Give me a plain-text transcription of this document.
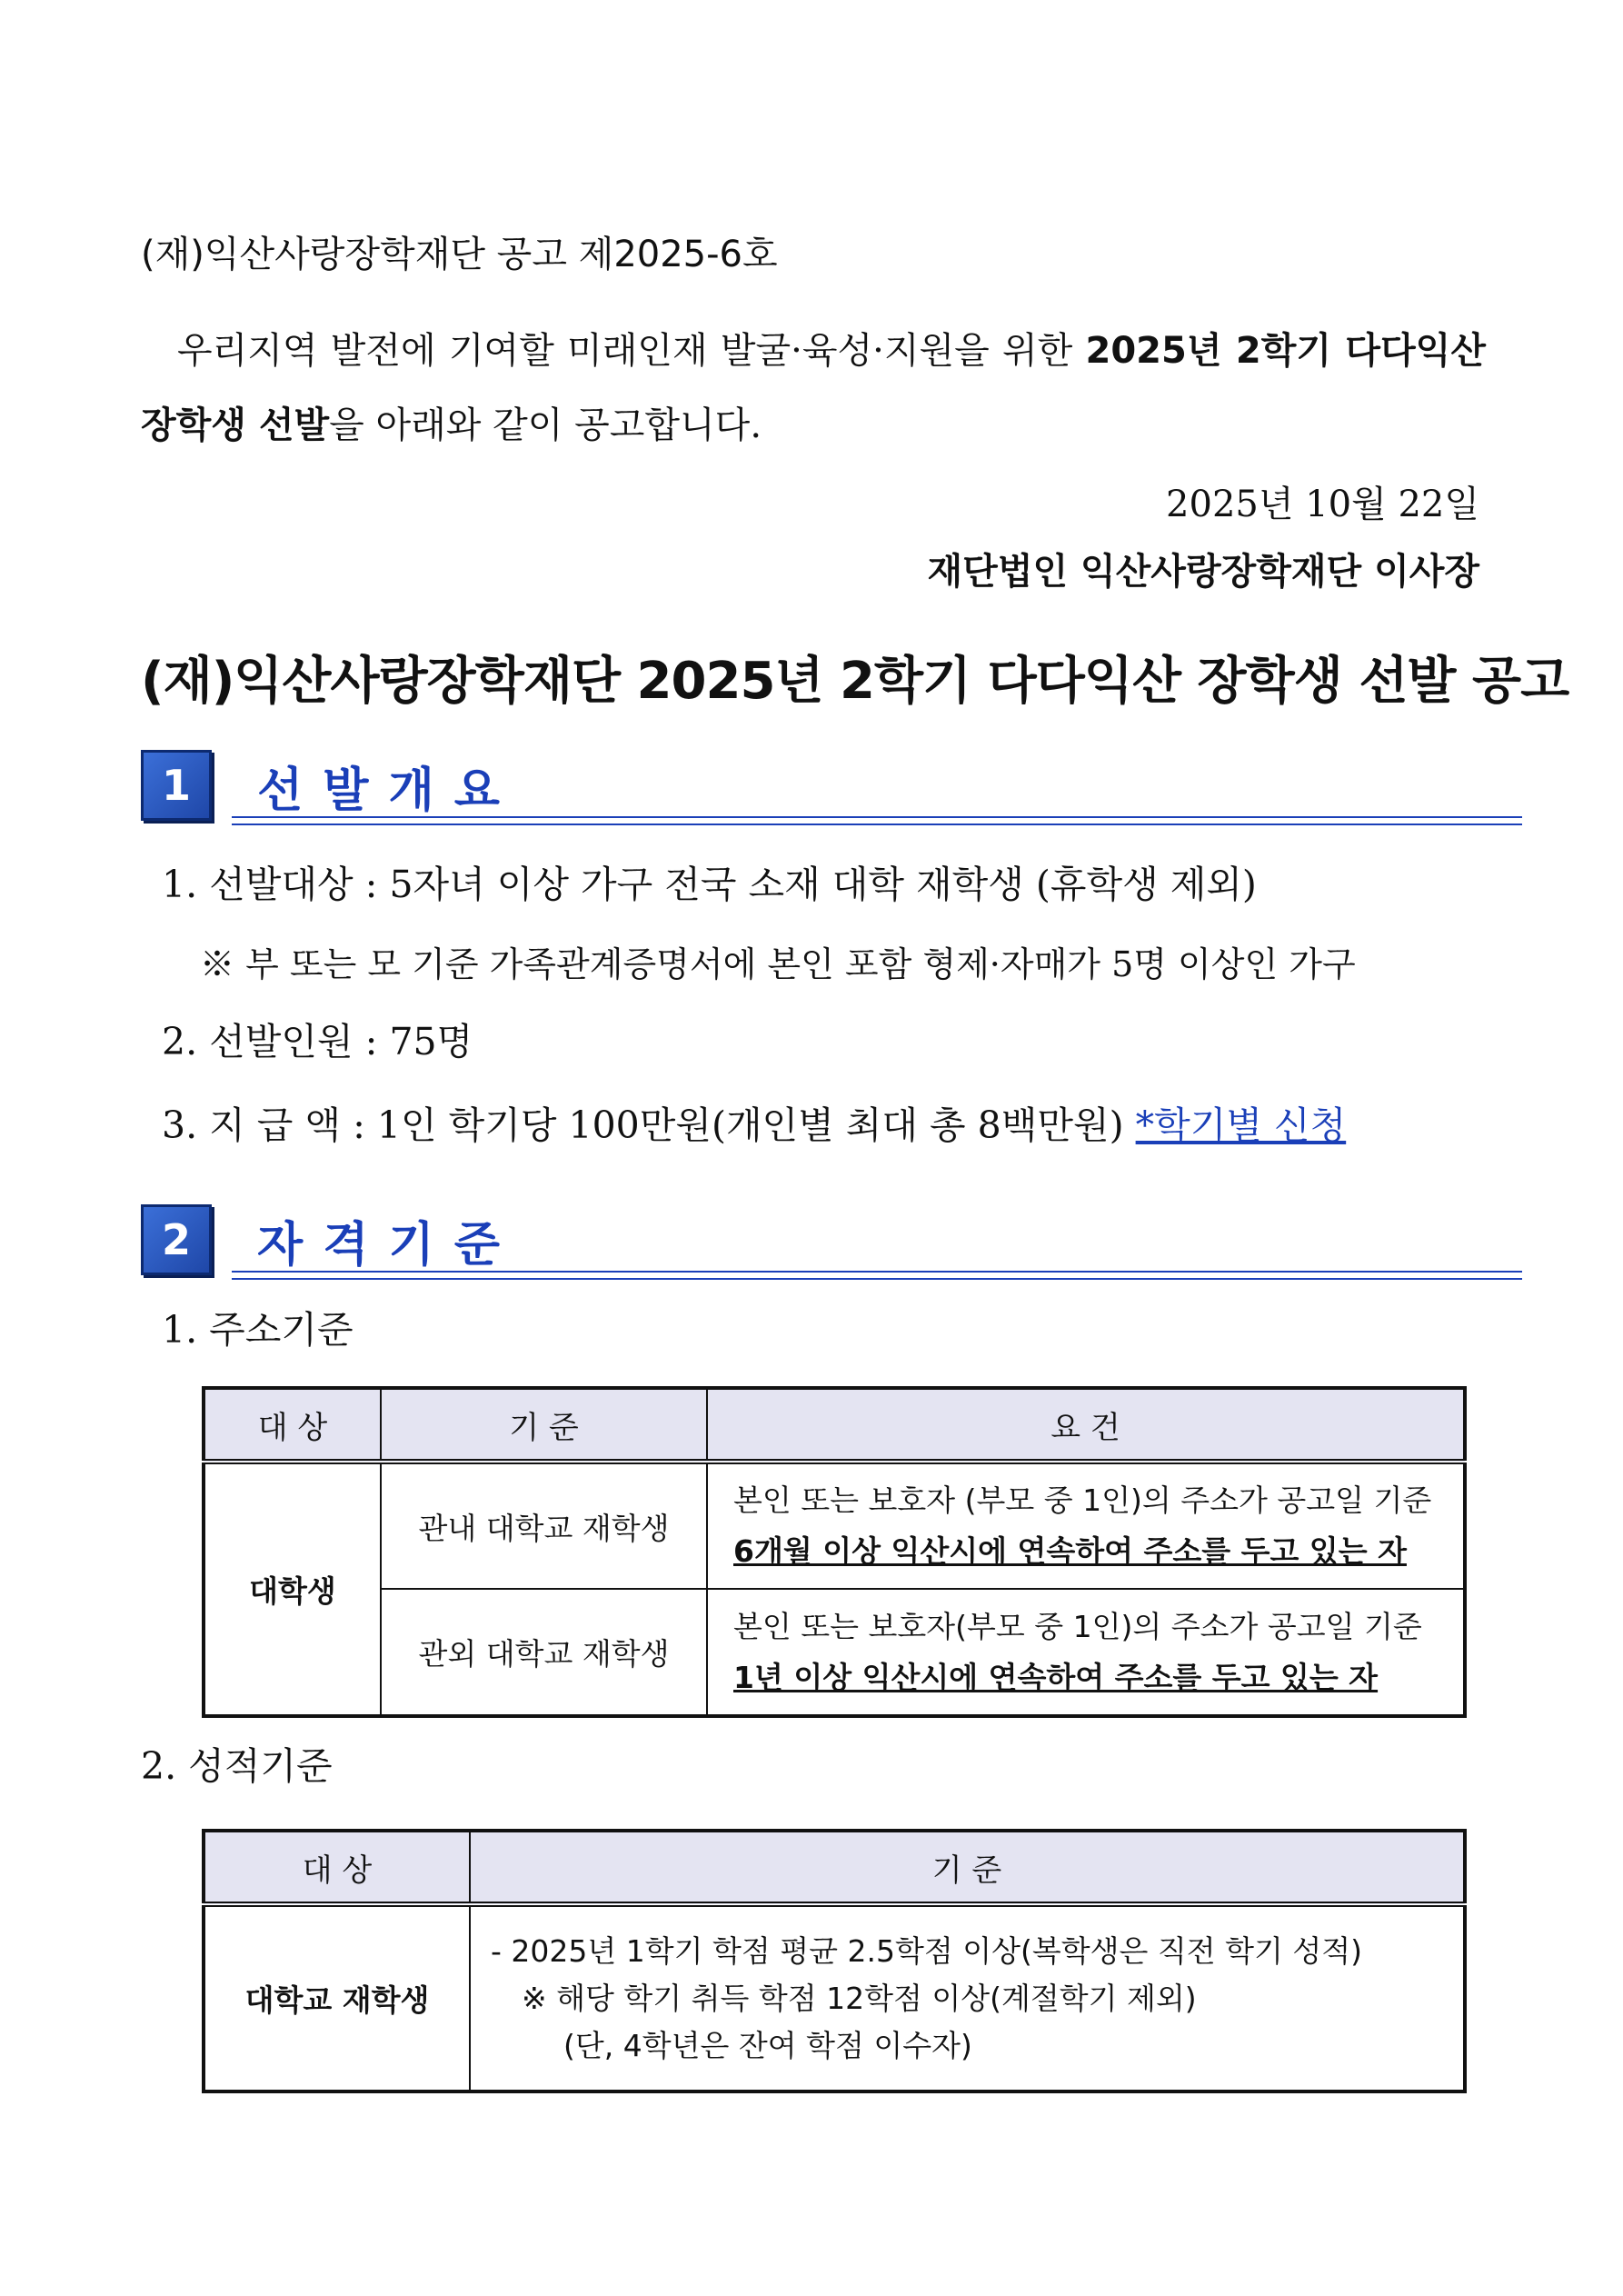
(재)익산사랑장학재단 공고 제2025-6호
우리지역 발전에 기여할 미래인재 발굴·육성·지원을 위한 2025년 2학기 다다익산 장학생 선발을 아래와 같이 공고합니다.
2025년 10월 22일
재단법인 익산사랑장학재단 이사장
(재)익산사랑장학재단 2025년 2학기 다다익산 장학생 선발 공고
1	선발개요
1. 선발대상 : 5자녀 이상 가구 전국 소재 대학 재학생 (휴학생 제외)
※ 부 또는 모 기준 가족관계증명서에 본인 포함 형제·자매가 5명 이상인 가구
2. 선발인원 : 75명
3. 지 급 액 : 1인 학기당 100만원(개인별 최대 총 8백만원) *학기별 신청
2	자격기준
1. 주소기준
대 상	기 준	요 건
대학생	관내 대학교 재학생	본인 또는 보호자 (부모 중 1인)의 주소가 공고일 기준
6개월 이상 익산시에 연속하여 주소를 두고 있는 자

	관외 대학교 재학생	본인 또는 보호자(부모 중 1인)의 주소가 공고일 기준
1년 이상 익산시에 연속하여 주소를 두고 있는 자
2. 성적기준
대 상	기 준
대학교 재학생	- 2025년 1학기 학점 평균 2.5학점 이상(복학생은 직전 학기 성적)
※ 해당 학기 취득 학점 12학점 이상(계절학기 제외)
(단, 4학년은 잔여 학점 이수자)
